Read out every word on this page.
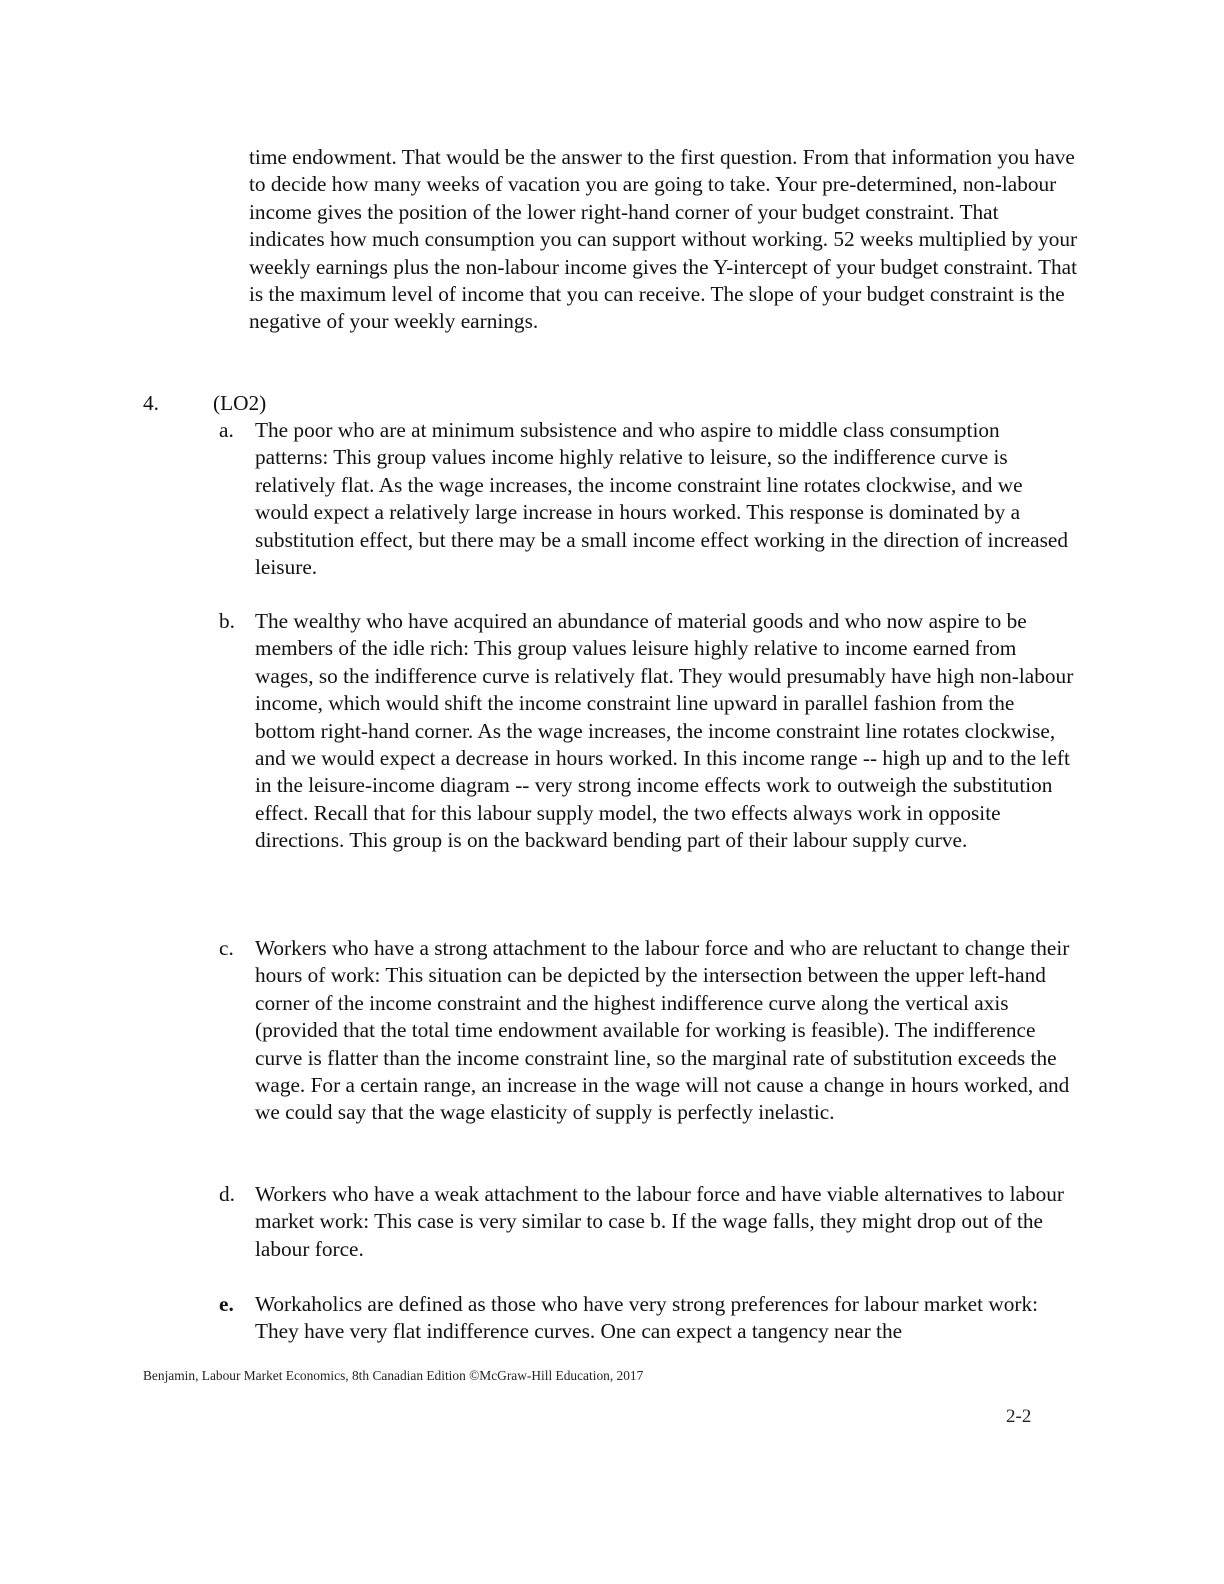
time endowment. That would be the answer to the first question. From that information you have to decide how many weeks of vacation you are going to take. Your pre-determined, non-labour income gives the position of the lower right-hand corner of your budget constraint. That indicates how much consumption you can support without working. 52 weeks multiplied by your weekly earnings plus the non-labour income gives the Y-intercept of your budget constraint. That is the maximum level of income that you can receive. The slope of your budget constraint is the negative of your weekly earnings.
4.	(LO2)
a. The poor who are at minimum subsistence and who aspire to middle class consumption patterns: This group values income highly relative to leisure, so the indifference curve is relatively flat. As the wage increases, the income constraint line rotates clockwise, and we would expect a relatively large increase in hours worked. This response is dominated by a substitution effect, but there may be a small income effect working in the direction of increased leisure.
b. The wealthy who have acquired an abundance of material goods and who now aspire to be members of the idle rich: This group values leisure highly relative to income earned from wages, so the indifference curve is relatively flat. They would presumably have high non-labour income, which would shift the income constraint line upward in parallel fashion from the bottom right-hand corner. As the wage increases, the income constraint line rotates clockwise, and we would expect a decrease in hours worked. In this income range -- high up and to the left in the leisure-income diagram -- very strong income effects work to outweigh the substitution effect. Recall that for this labour supply model, the two effects always work in opposite directions. This group is on the backward bending part of their labour supply curve.
c. Workers who have a strong attachment to the labour force and who are reluctant to change their hours of work: This situation can be depicted by the intersection between the upper left-hand corner of the income constraint and the highest indifference curve along the vertical axis (provided that the total time endowment available for working is feasible). The indifference curve is flatter than the income constraint line, so the marginal rate of substitution exceeds the wage. For a certain range, an increase in the wage will not cause a change in hours worked, and we could say that the wage elasticity of supply is perfectly inelastic.
d. Workers who have a weak attachment to the labour force and have viable alternatives to labour market work: This case is very similar to case b. If the wage falls, they might drop out of the labour force.
e. Workaholics are defined as those who have very strong preferences for labour market work: They have very flat indifference curves. One can expect a tangency near the
Benjamin, Labour Market Economics, 8th Canadian Edition ©McGraw-Hill Education, 2017
2-2
